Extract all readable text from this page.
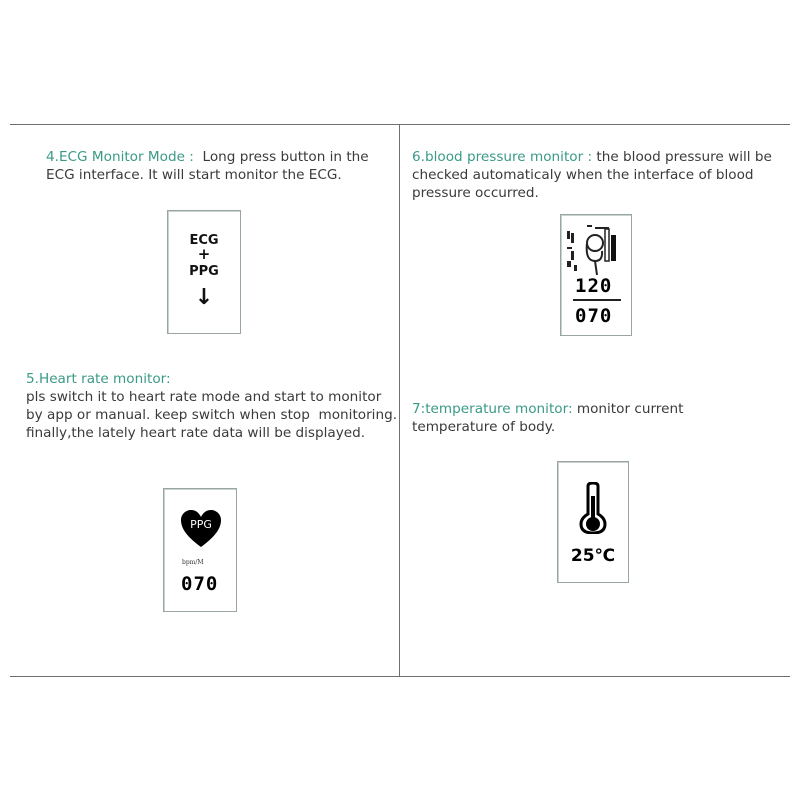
4.ECG Monitor Mode :  Long press button in the
ECG interface. It will start monitor the ECG.
ECG
+
PPG
↓
5.Heart rate monitor:
pls switch it to heart rate mode and start to monitor
by app or manual. keep switch when stop  monitoring.
finally,the lately heart rate data will be displayed.
PPG
bpm/M
070
6.blood pressure monitor : the blood pressure will be
checked automaticaly when the interface of blood
pressure occurred.
120
070
7:temperature monitor: monitor current
temperature of body.
25℃
